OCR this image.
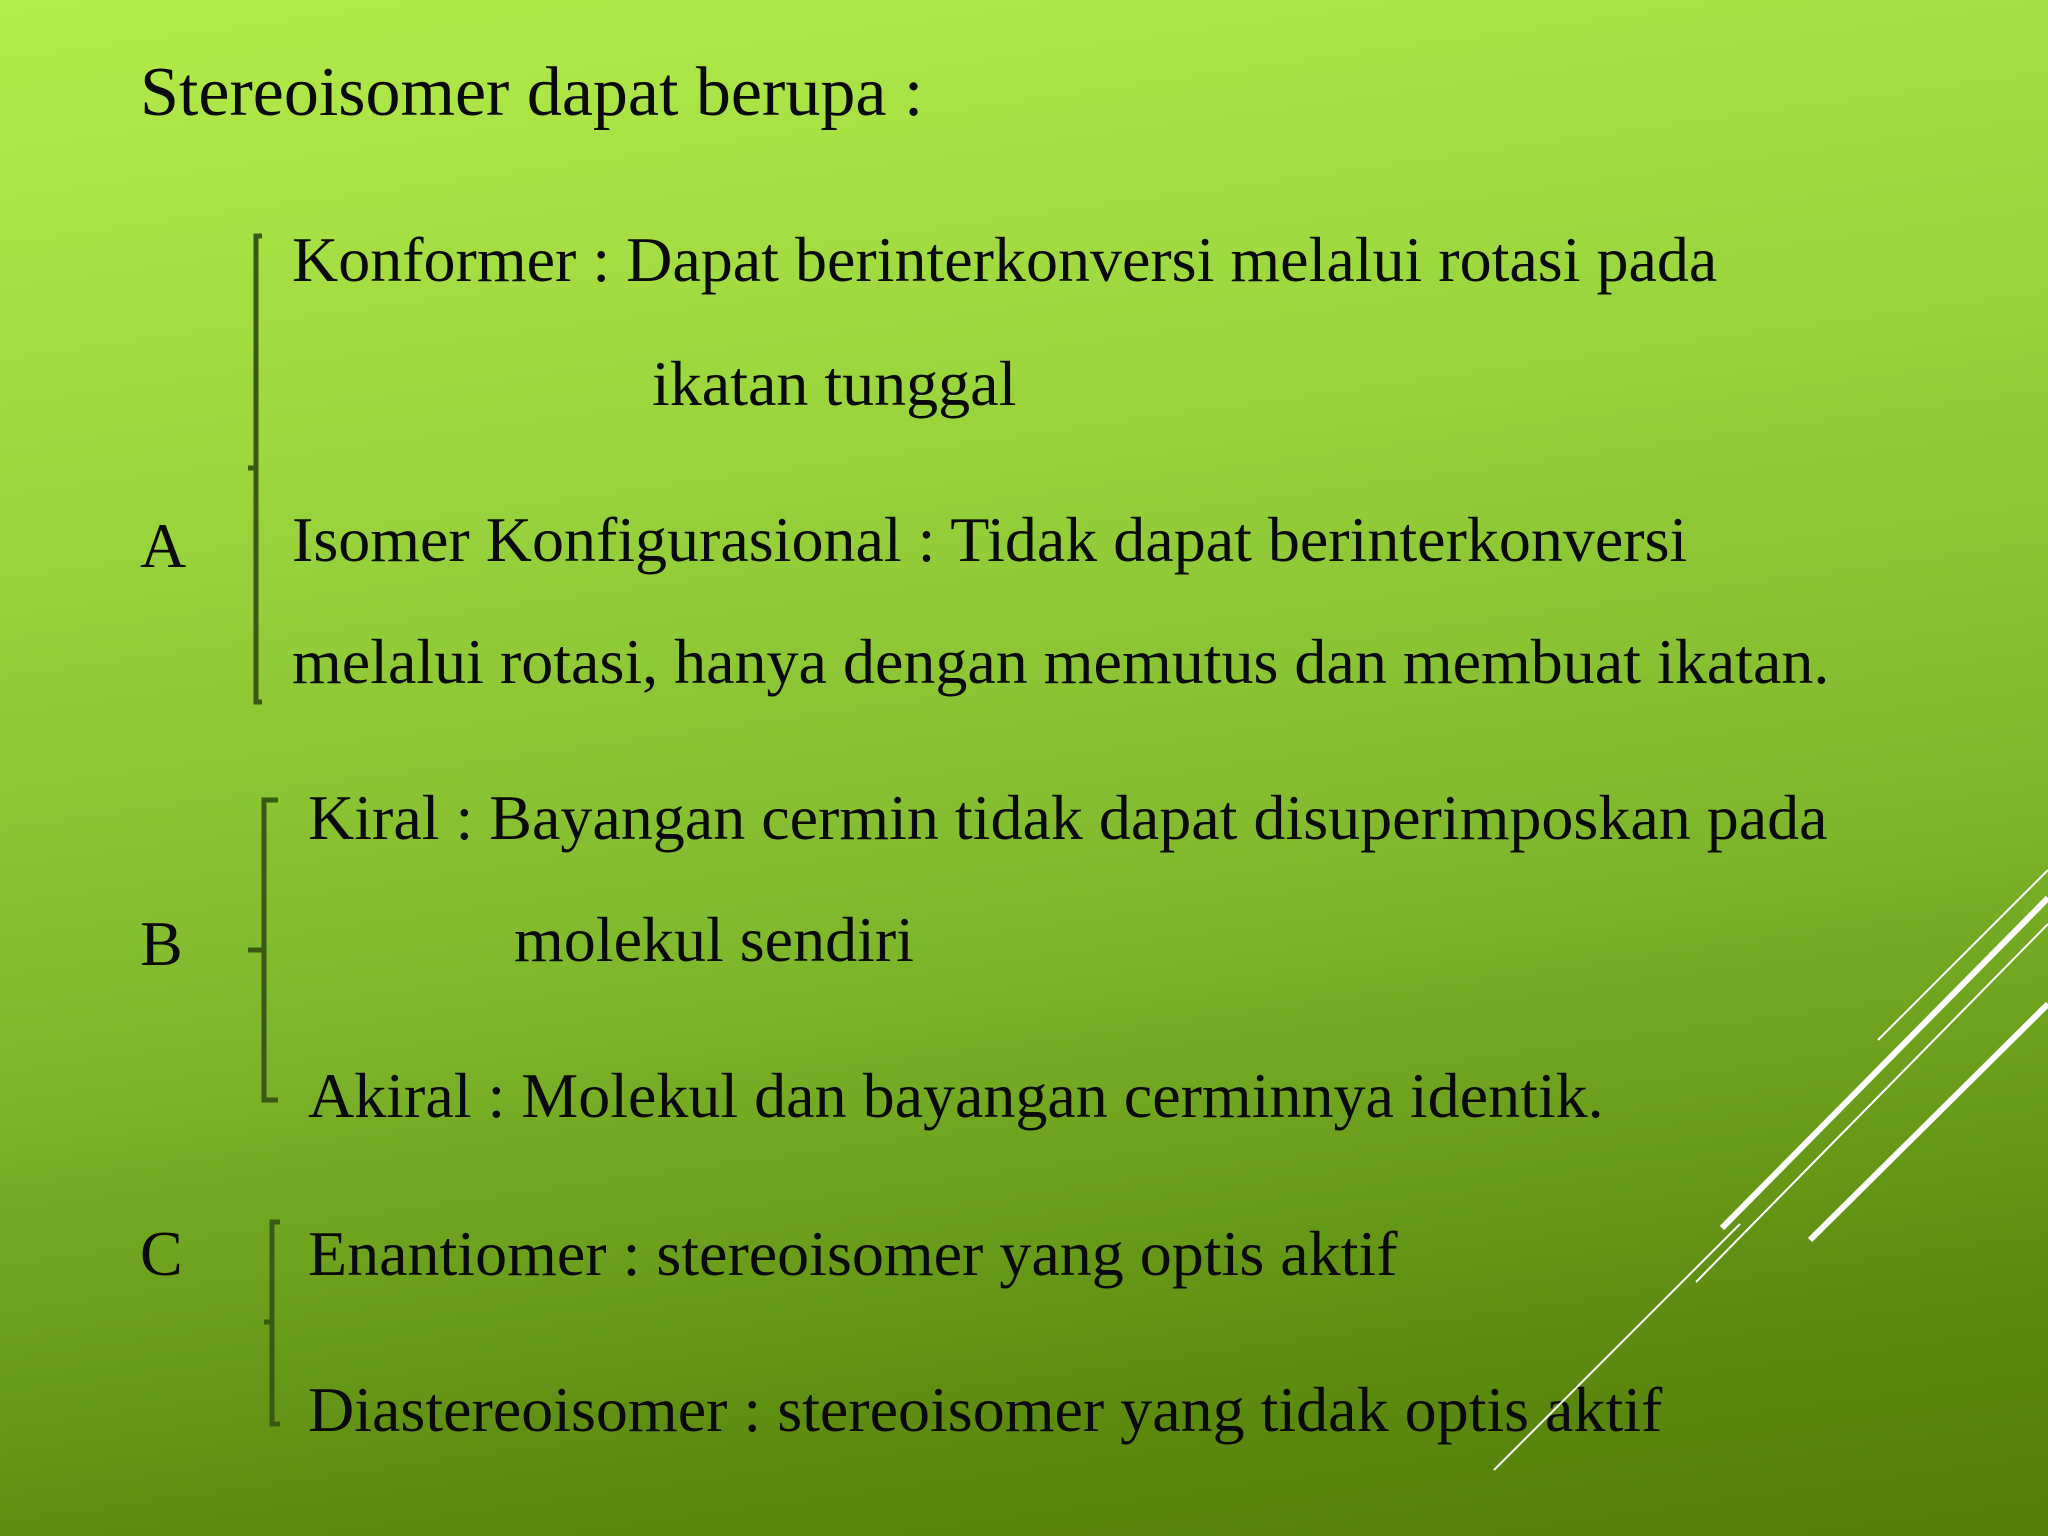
Stereoisomer dapat berupa :
A
Konformer : Dapat berinterkonversi melalui rotasi pada
ikatan tunggal
Isomer Konfigurasional : Tidak dapat berinterkonversi
melalui rotasi, hanya dengan memutus dan membuat ikatan.
B
Kiral : Bayangan cermin tidak dapat disuperimposkan pada
molekul sendiri
Akiral : Molekul dan bayangan cerminnya identik.
C Enantiomer : stereoisomer yang optis aktif
Diastereoisomer : stereoisomer yang tidak optis aktif
